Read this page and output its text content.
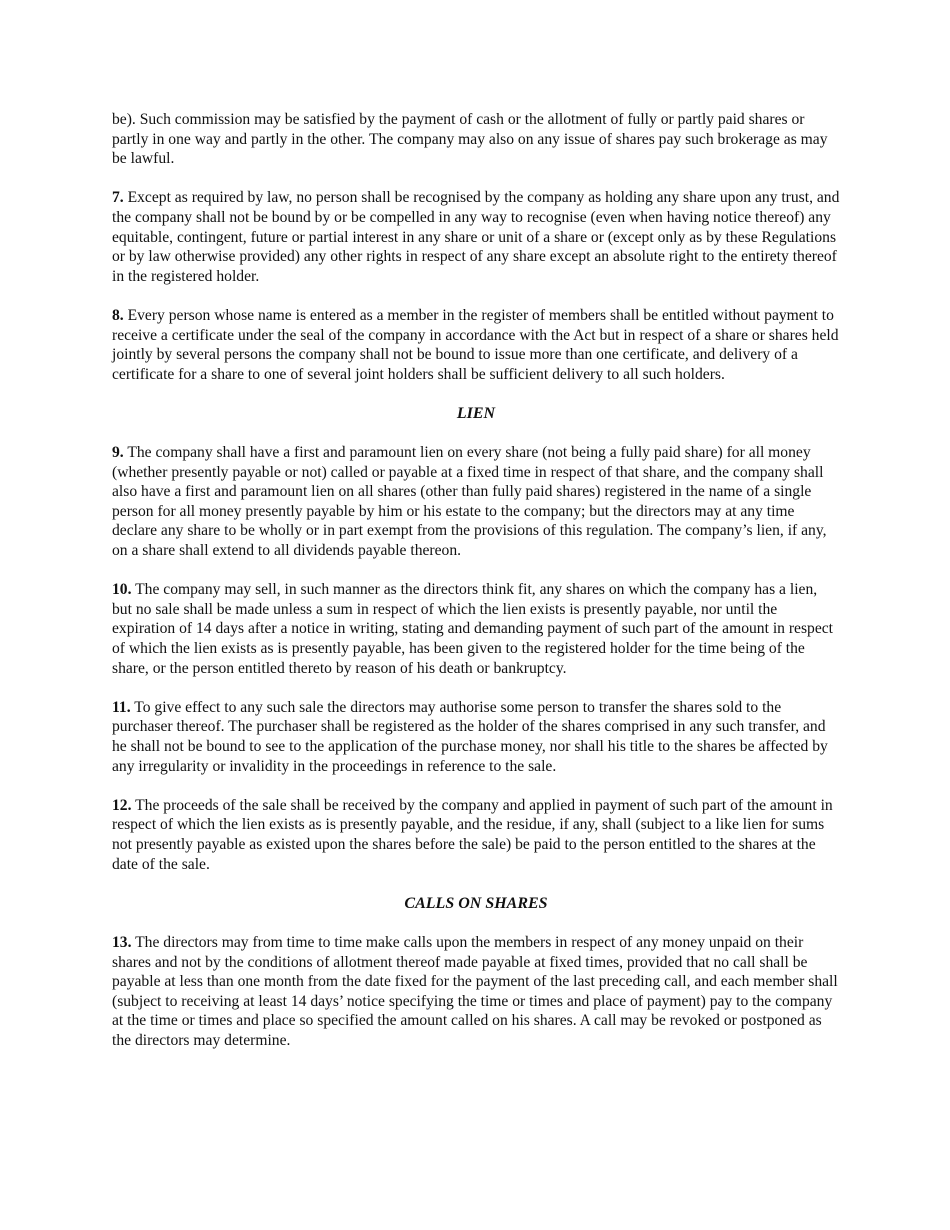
be). Such commission may be satisfied by the payment of cash or the allotment of fully or partly paid shares or partly in one way and partly in the other. The company may also on any issue of shares pay such brokerage as may be lawful.

7. Except as required by law, no person shall be recognised by the company as holding any share upon any trust, and the company shall not be bound by or be compelled in any way to recognise (even when having notice thereof) any equitable, contingent, future or partial interest in any share or unit of a share or (except only as by these Regulations or by law otherwise provided) any other rights in respect of any share except an absolute right to the entirety thereof in the registered holder.

8. Every person whose name is entered as a member in the register of members shall be entitled without payment to receive a certificate under the seal of the company in accordance with the Act but in respect of a share or shares held jointly by several persons the company shall not be bound to issue more than one certificate, and delivery of a certificate for a share to one of several joint holders shall be sufficient delivery to all such holders.

LIEN

9. The company shall have a first and paramount lien on every share (not being a fully paid share) for all money (whether presently payable or not) called or payable at a fixed time in respect of that share, and the company shall also have a first and paramount lien on all shares (other than fully paid shares) registered in the name of a single person for all money presently payable by him or his estate to the company; but the directors may at any time declare any share to be wholly or in part exempt from the provisions of this regulation. The company’s lien, if any, on a share shall extend to all dividends payable thereon.

10. The company may sell, in such manner as the directors think fit, any shares on which the company has a lien, but no sale shall be made unless a sum in respect of which the lien exists is presently payable, nor until the expiration of 14 days after a notice in writing, stating and demanding payment of such part of the amount in respect of which the lien exists as is presently payable, has been given to the registered holder for the time being of the share, or the person entitled thereto by reason of his death or bankruptcy.

11. To give effect to any such sale the directors may authorise some person to transfer the shares sold to the purchaser thereof. The purchaser shall be registered as the holder of the shares comprised in any such transfer, and he shall not be bound to see to the application of the purchase money, nor shall his title to the shares be affected by any irregularity or invalidity in the proceedings in reference to the sale.

12. The proceeds of the sale shall be received by the company and applied in payment of such part of the amount in respect of which the lien exists as is presently payable, and the residue, if any, shall (subject to a like lien for sums not presently payable as existed upon the shares before the sale) be paid to the person entitled to the shares at the date of the sale.

CALLS ON SHARES

13. The directors may from time to time make calls upon the members in respect of any money unpaid on their shares and not by the conditions of allotment thereof made payable at fixed times, provided that no call shall be payable at less than one month from the date fixed for the payment of the last preceding call, and each member shall (subject to receiving at least 14 days’ notice specifying the time or times and place of payment) pay to the company at the time or times and place so specified the amount called on his shares. A call may be revoked or postponed as the directors may determine.
